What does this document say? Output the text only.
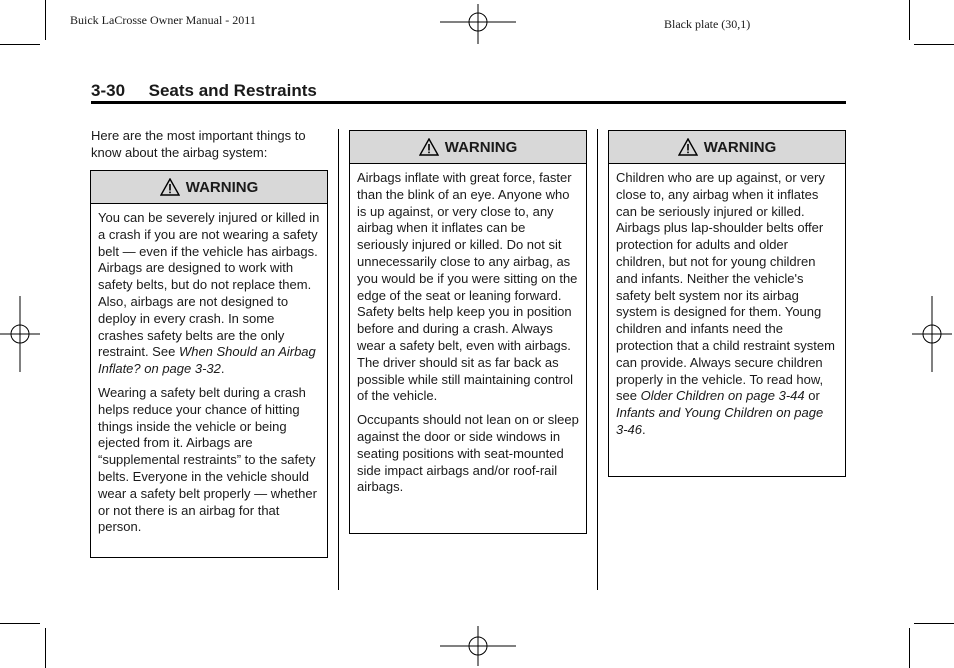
Buick LaCrosse Owner Manual - 2011	Black plate (30,1)
3-30     Seats and Restraints
Here are the most important things to know about the airbag system:
WARNING

You can be severely injured or killed in a crash if you are not wearing a safety belt — even if the vehicle has airbags. Airbags are designed to work with safety belts, but do not replace them. Also, airbags are not designed to deploy in every crash. In some crashes safety belts are the only restraint. See When Should an Airbag Inflate? on page 3-32.

Wearing a safety belt during a crash helps reduce your chance of hitting things inside the vehicle or being ejected from it. Airbags are “supplemental restraints” to the safety belts. Everyone in the vehicle should wear a safety belt properly — whether or not there is an airbag for that person.

WARNING

Airbags inflate with great force, faster than the blink of an eye. Anyone who is up against, or very close to, any airbag when it inflates can be seriously injured or killed. Do not sit unnecessarily close to any airbag, as you would be if you were sitting on the edge of the seat or leaning forward. Safety belts help keep you in position before and during a crash. Always wear a safety belt, even with airbags. The driver should sit as far back as possible while still maintaining control of the vehicle.

Occupants should not lean on or sleep against the door or side windows in seating positions with seat-mounted side impact airbags and/or roof-rail airbags.

WARNING

Children who are up against, or very close to, any airbag when it inflates can be seriously injured or killed. Airbags plus lap-shoulder belts offer protection for adults and older children, but not for young children and infants. Neither the vehicle's safety belt system nor its airbag system is designed for them. Young children and infants need the protection that a child restraint system can provide. Always secure children properly in the vehicle. To read how, see Older Children on page 3-44 or Infants and Young Children on page 3-46.
